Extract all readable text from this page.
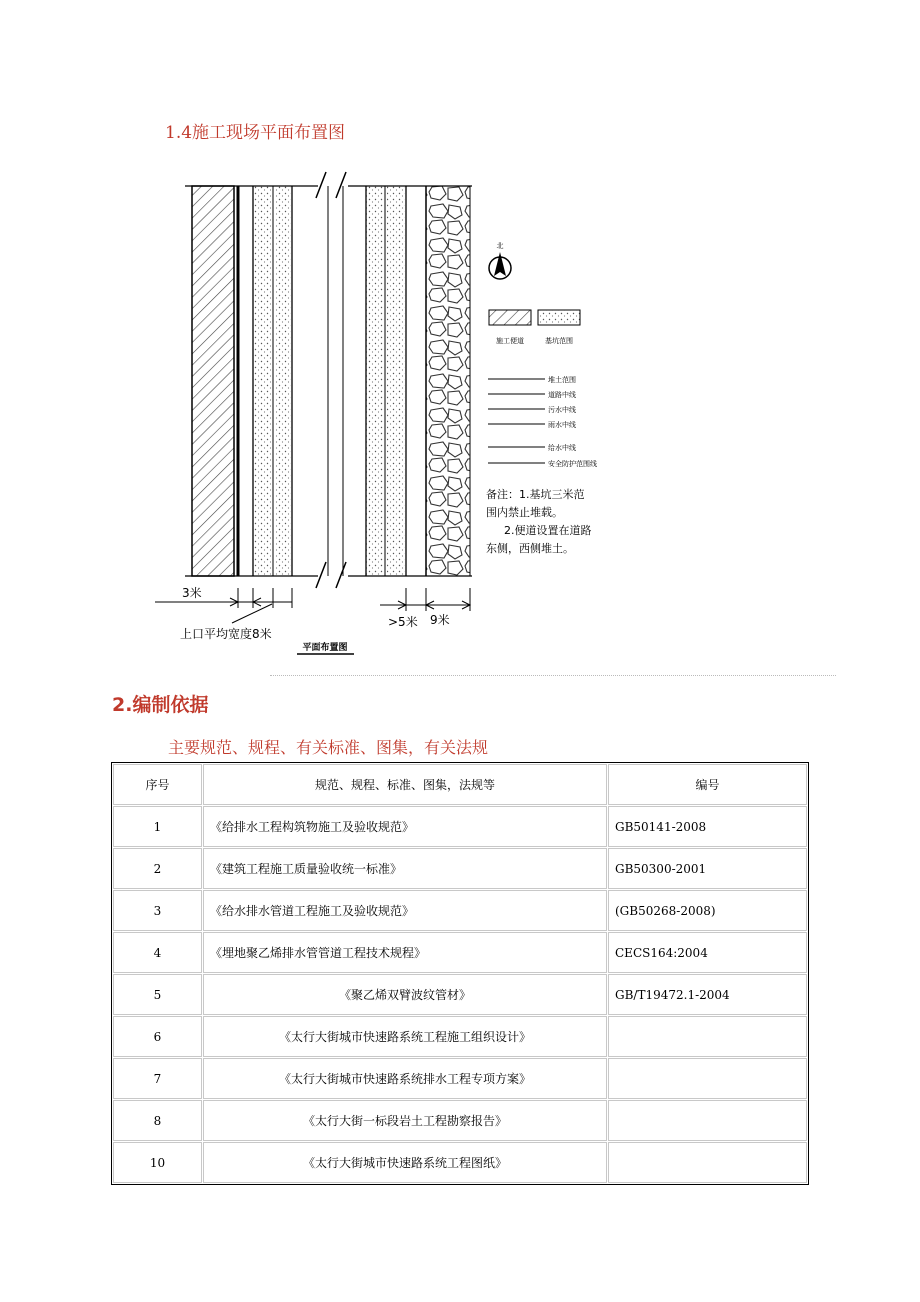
1.4施工现场平面布置图
北
施工便道	基坑范围
堆土范围
道路中线
污水中线
雨水中线
给水中线
安全防护范围线
备注：1.基坑三米范
围内禁止堆载。
2.便道设置在道路
东侧，西侧堆土。
3米
上口平均宽度8米
>5米 9米
平面布置图
2.编制依据
主要规范、规程、有关标准、图集，有关法规
序号	规范、规程、标准、图集，法规等	编号
1	《给排水工程构筑物施工及验收规范》	GB50141-2008
2	《建筑工程施工质量验收统一标准》	GB50300-2001
3	《给水排水管道工程施工及验收规范》	(GB50268-2008)
4	《埋地聚乙烯排水管管道工程技术规程》	CECS164:2004
5	《聚乙烯双臂波纹管材》	GB/T19472.1-2004
6	《太行大街城市快速路系统工程施工组织设计》	
7	《太行大街城市快速路系统排水工程专项方案》	
8	《太行大街一标段岩土工程勘察报告》	
10	《太行大街城市快速路系统工程图纸》	
